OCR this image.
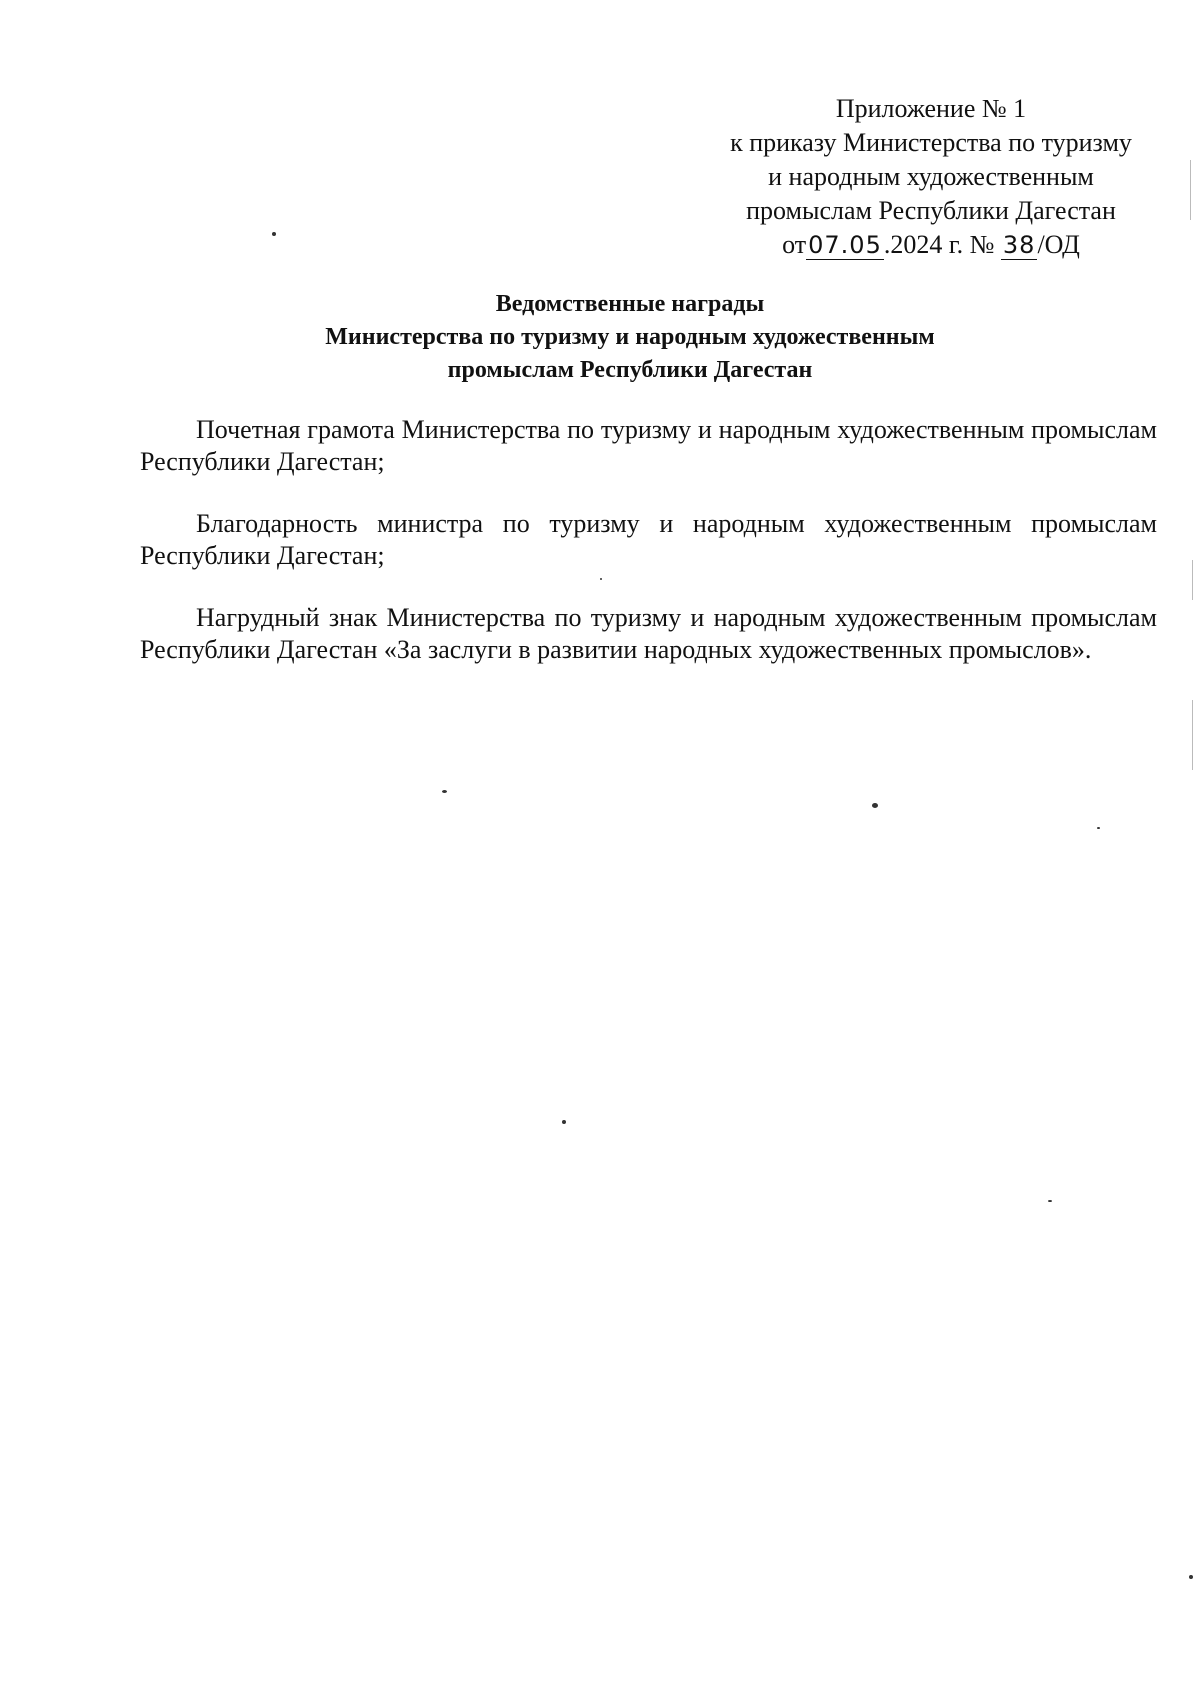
Приложение № 1
к приказу Министерства по туризму
и народным художественным
промыслам Республики Дагестан
от07.05.2024 г. № 38/ОД
Ведомственные награды
Министерства по туризму и народным художественным
промыслам Республики Дагестан

Почетная грамота Министерства по туризму и народным художественным промыслам Республики Дагестан;

Благодарность министра по туризму и народным художественным промыслам Республики Дагестан;

Нагрудный знак Министерства по туризму и народным художественным промыслам Республики Дагестан «За заслуги в развитии народных художественных промыслов».
